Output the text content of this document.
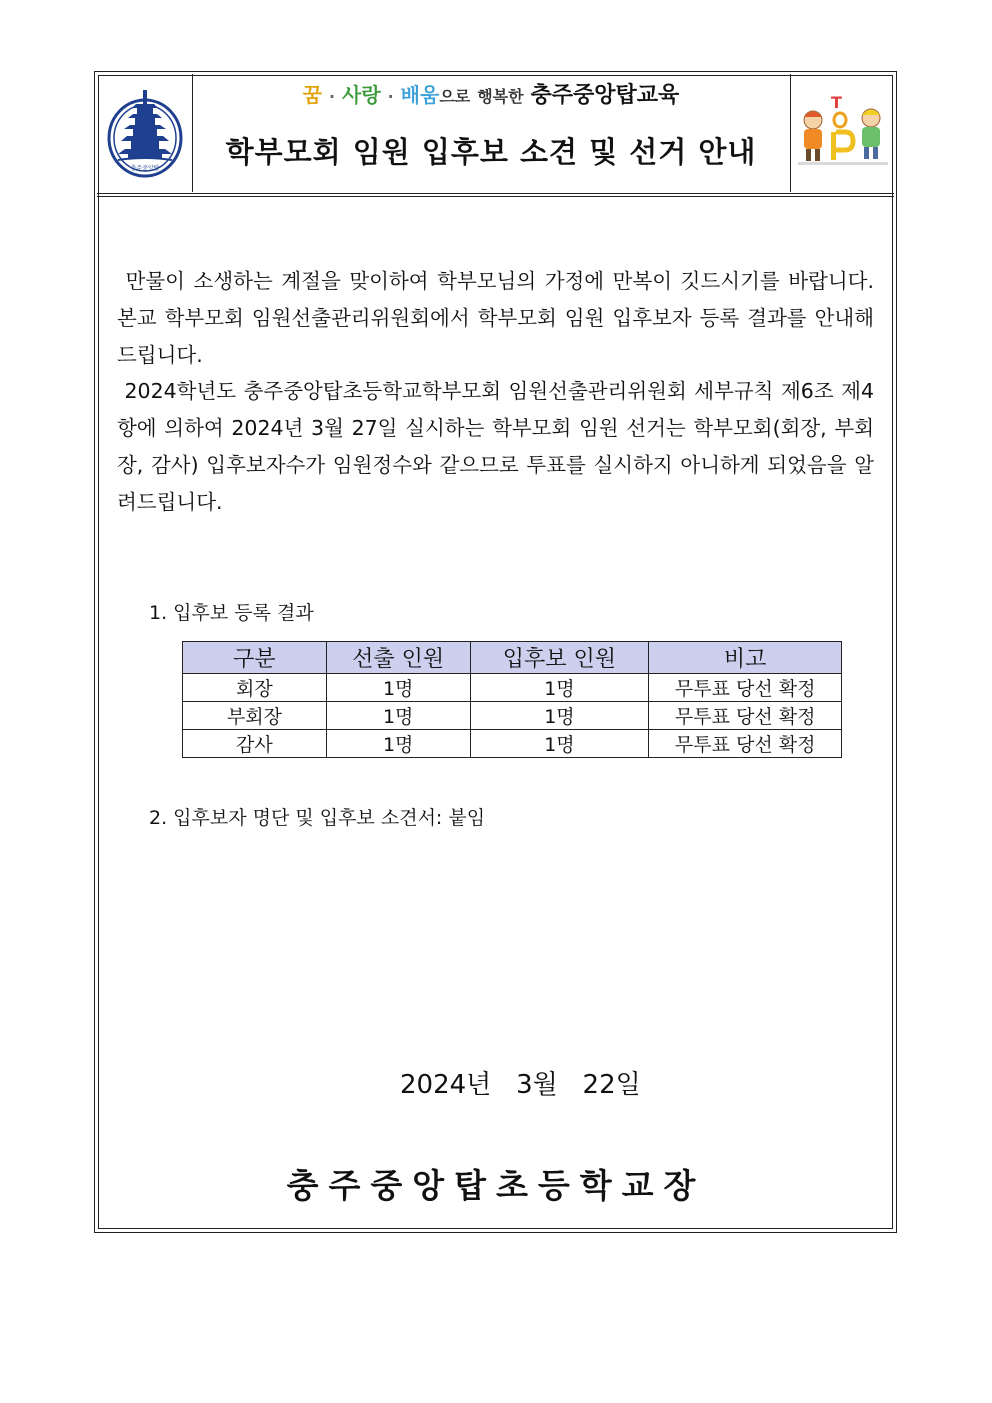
충주중앙탑
꿈 · 사랑 · 배움으로 행복한 충주중앙탑교육
학부모회 임원 입후보 소견 및 선거 안내
T

만물이 소생하는 계절을 맞이하여 학부모님의 가정에 만복이 깃드시기를 바랍니다. 본교 학부모회 임원선출관리위원회에서 학부모회 임원 입후보자 등록 결과를 안내해 드립니다.

2024학년도 충주중앙탑초등학교학부모회 임원선출관리위원회 세부규칙 제6조 제4항에 의하여 2024년 3월 27일 실시하는 학부모회 임원 선거는 학부모회(회장, 부회장, 감사) 입후보자수가 임원정수와 같으므로 투표를 실시하지 아니하게 되었음을 알려드립니다.

1. 입후보 등록 결과
구분	선출 인원	입후보 인원	비고
회장	1명	1명	무투표 당선 확정
부회장	1명	1명	무투표 당선 확정
감사	1명	1명	무투표 당선 확정
2. 입후보자 명단 및 입후보 소견서: 붙임
2024년   3월   22일
충주중앙탑초등학교장
